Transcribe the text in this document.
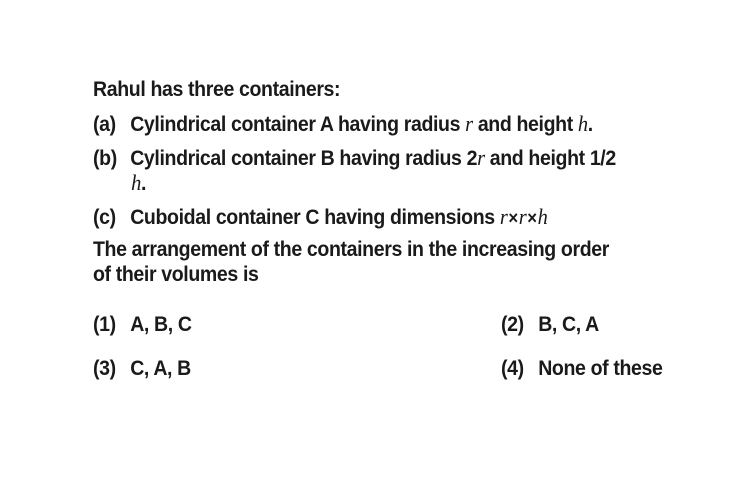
Rahul has three containers:
(a) Cylindrical container A having radius r and height h.
(b) Cylindrical container B having radius 2r and height 1/2
h.
(c) Cuboidal container C having dimensions r×r×h
The arrangement of the containers in the increasing order
of their volumes is
(1) A, B, C	(2) B, C, A
(3) C, A, B	(4) None of these
